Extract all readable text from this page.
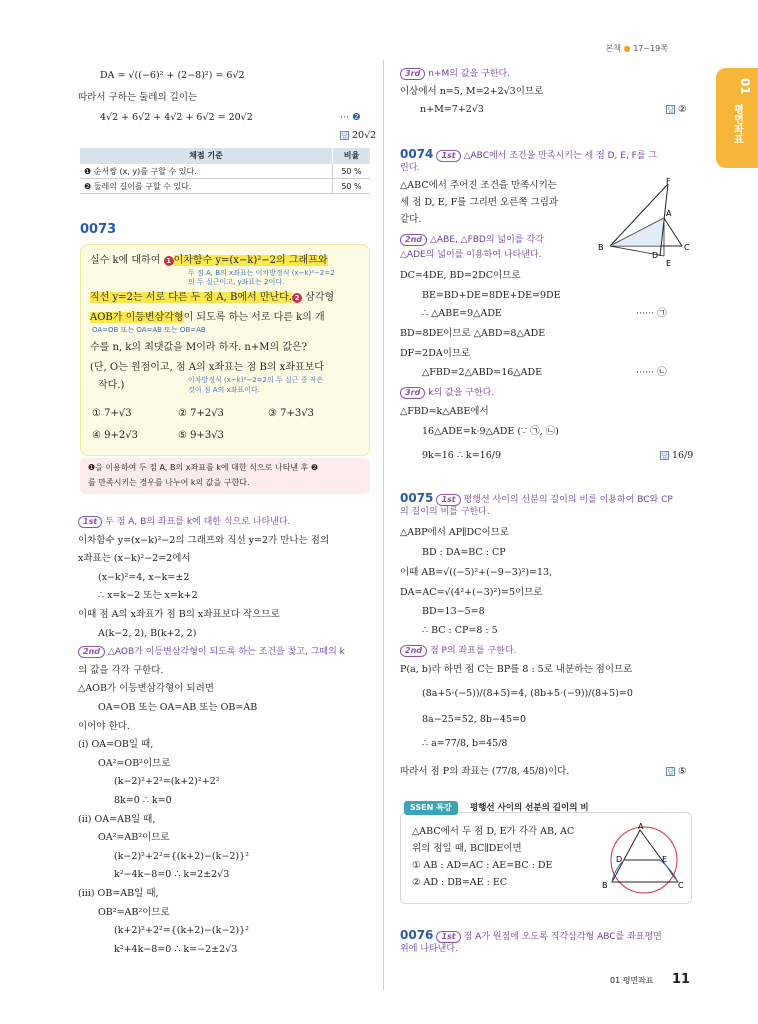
본책 ● 17~19쪽
01
평면좌표
DA = √((−6)² + (2−8)²) = 6√2
따라서 구하는 둘레의 길이는
4√2 + 6√2 + 4√2 + 6√2 = 20√2	··· ❷
답 20√2
채점 기준	비율
❶ 순서쌍 (x, y)를 구할 수 있다.	50 %
❷ 둘레의 길이를 구할 수 있다.	50 %
0073
실수 k에 대하여 1 이차함수 y=(x−k)²−2의 그래프와
두 점 A, B의 x좌표는 이차방정식 (x−k)²−2=2
의 두 실근이고, y좌표는 2이다.
직선 y=2는 서로 다른 두 점 A, B에서 만난다. 2 삼각형
AOB가 이등변삼각형이 되도록 하는 서로 다른 k의 개
OA=OB 또는 OA=AB 또는 OB=AB
수를 n, k의 최댓값을 M이라 하자. n+M의 값은?
(단, O는 원점이고, 점 A의 x좌표는 점 B의 x좌표보다
작다.)	이차방정식 (x−k)²−2=2의 두 실근 중 작은
것이 점 A의 x좌표이다.
① 7+√3	② 7+2√3	③ 7+3√3
④ 9+2√3	⑤ 9+3√3
❶을 이용하여 두 점 A, B의 x좌표를 k에 대한 식으로 나타낸 후 ❷
를 만족시키는 경우를 나누어 k의 값을 구한다.
1st 두 점 A, B의 좌표를 k에 대한 식으로 나타낸다.
이차함수 y=(x−k)²−2의 그래프와 직선 y=2가 만나는 점의
x좌표는 (x−k)²−2=2에서
(x−k)²=4, x−k=±2
∴ x=k−2 또는 x=k+2
이때 점 A의 x좌표가 점 B의 x좌표보다 작으므로
A(k−2, 2), B(k+2, 2)
2nd △AOB가 이등변삼각형이 되도록 하는 조건을 찾고, 그때의 k
의 값을 각각 구한다.
△AOB가 이등변삼각형이 되려면
OA=OB 또는 OA=AB 또는 OB=AB
이어야 한다.
(i) OA=OB일 때,
OA²=OB²이므로
(k−2)²+2²=(k+2)²+2²
8k=0 ∴ k=0
(ii) OA=AB일 때,
OA²=AB²이므로
(k−2)²+2²={(k+2)−(k−2)}²
k²−4k−8=0 ∴ k=2±2√3
(iii) OB=AB일 때,
OB²=AB²이므로
(k+2)²+2²={(k+2)−(k−2)}²
k²+4k−8=0 ∴ k=−2±2√3
3rd n+M의 값을 구한다.
이상에서 n=5, M=2+2√3이므로
n+M=7+2√3	답 ②
0074 1st △ABC에서 조건을 만족시키는 세 점 D, E, F를 그
린다.
△ABC에서 주어진 조건을 만족시키는
세 점 D, E, F를 그리면 오른쪽 그림과
같다.
2nd △ABE, △FBD의 넓이를 각각
△ADE의 넓이를 이용하여 나타낸다.
F
A
B	C
D
E
DC=4DE, BD=2DC이므로
BE=BD+DE=8DE+DE=9DE
∴ △ABE=9△ADE	······ ㉠
BD=8DE이므로 △ABD=8△ADE
DF=2DA이므로
△FBD=2△ABD=16△ADE	······ ㉡
3rd k의 값을 구한다.
△FBD=k△ABE에서
16△ADE=k·9△ADE (∵ ㉠, ㉡)
9k=16 ∴ k=16/9	답 16/9
0075 1st 평행선 사이의 선분의 길이의 비를 이용하여 BC와 CP
의 길이의 비를 구한다.
△ABP에서 AP∥DC이므로
BD : DA=BC : CP
이때 AB=√((−5)²+(−9−3)²)=13,
DA=AC=√(4²+(−3)²)=5이므로
BD=13−5=8
∴ BC : CP=8 : 5
2nd 점 P의 좌표를 구한다.
P(a, b)라 하면 점 C는 BP를 8 : 5로 내분하는 점이므로
(8a+5·(−5))/(8+5)=4, (8b+5·(−9))/(8+5)=0
8a−25=52, 8b−45=0
∴ a=77/8, b=45/8
따라서 점 P의 좌표는 (77/8, 45/8)이다.	답 ⑤
SSEN 특강	평행선 사이의 선분의 길이의 비
△ABC에서 두 점 D, E가 각각 AB, AC
위의 점일 때, BC∥DE이면
① AB : AD=AC : AE=BC : DE
② AD : DB=AE : EC
A
D	E
B	C
0076 1st 점 A가 원점에 오도록 직각삼각형 ABC를 좌표평면
위에 나타낸다.
01 평면좌표 11
